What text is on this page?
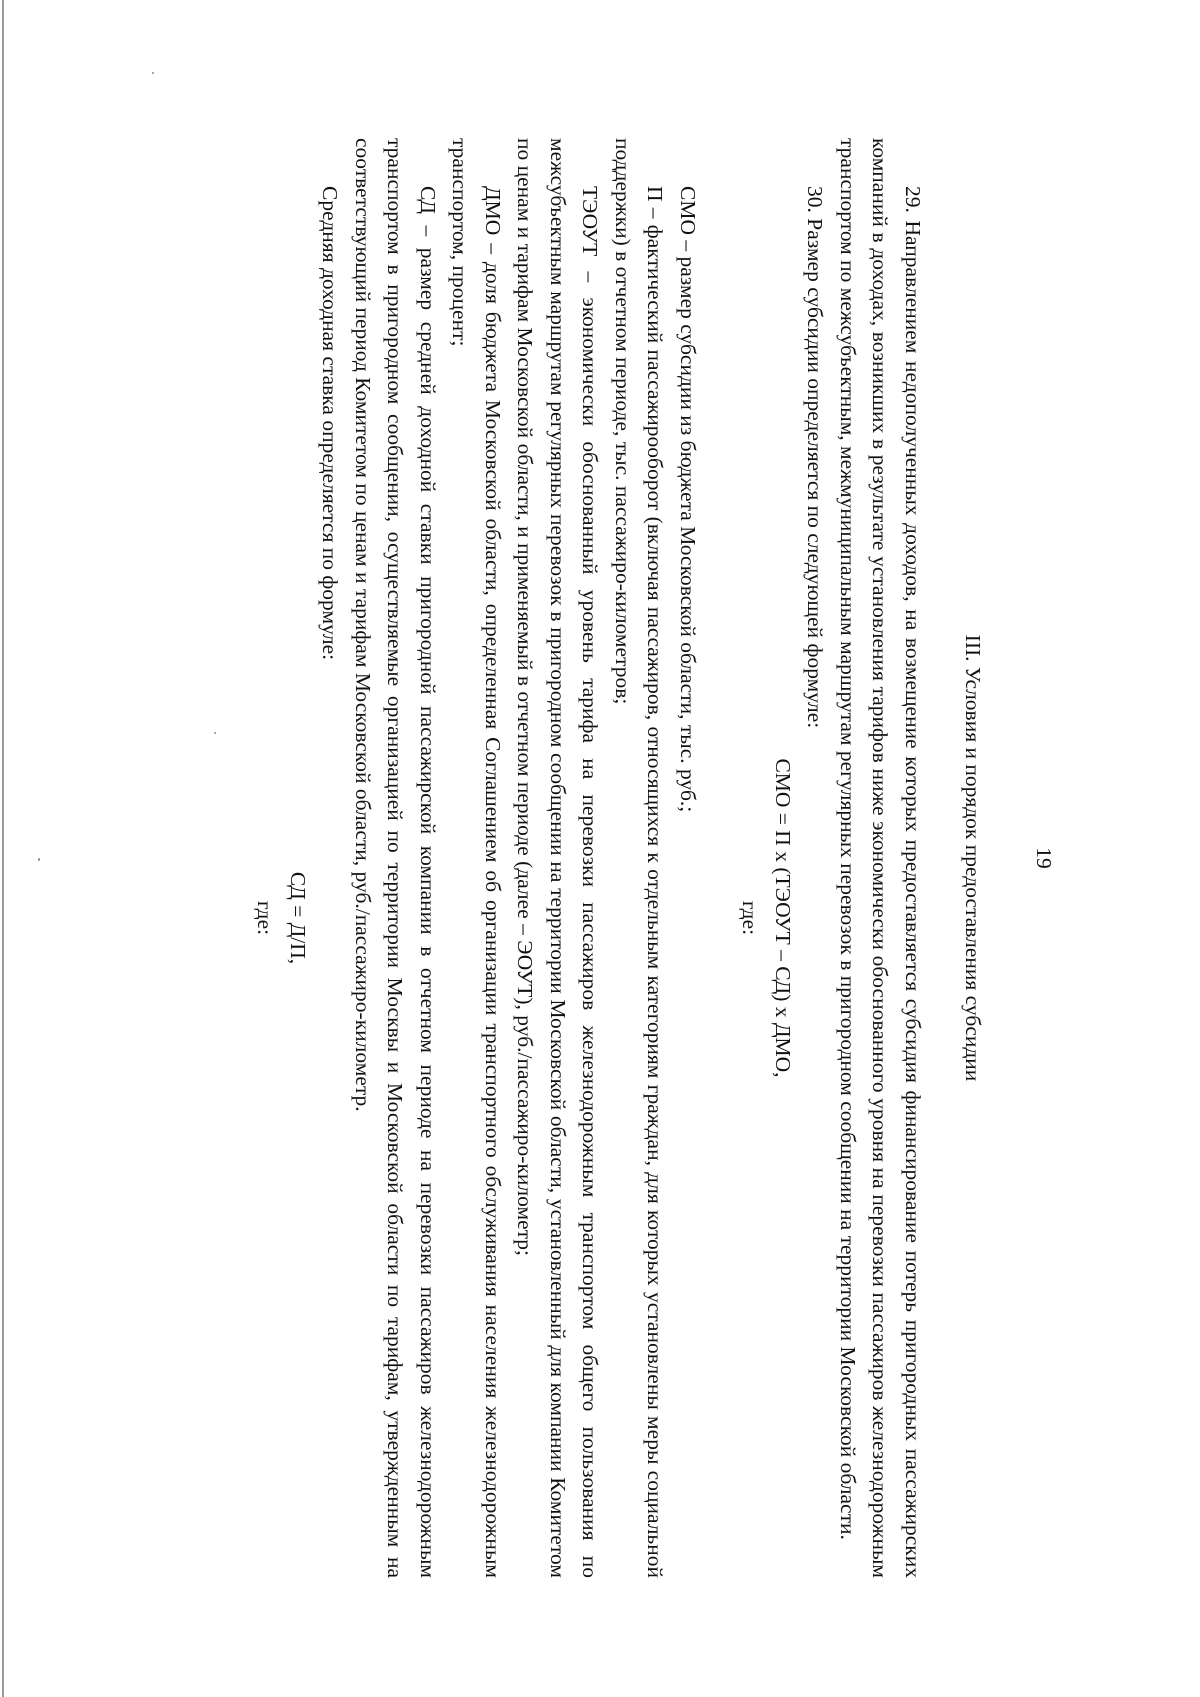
19
III. Условия и порядок предоставления субсидии

29. Направлением недополученных доходов, на возмещение которых предоставляется субсидия финансирование потерь пригородных пассажирских компаний в доходах, возникших в результате установления тарифов ниже экономически обоснованного уровня на перевозки пассажиров железнодорожным транспортом по межсубъектным, межмуниципальным маршрутам регулярных перевозок в пригородном сообщении на территории Московской области.

30. Размер субсидии определяется по следующей формуле:

СМО = П х (ТЭОУТ – СД) х ДМО,

где:

СМО – размер субсидии из бюджета Московской области, тыс. руб.;

П – фактический пассажирооборот (включая пассажиров, относящихся к отдельным категориям граждан, для которых установлены меры социальной поддержки) в отчетном периоде, тыс. пассажиро-километров;

ТЭОУТ – экономически обоснованный уровень тарифа на перевозки пассажиров железнодорожным транспортом общего пользования по межсубъектным маршрутам регулярных перевозок в пригородном сообщении на территории Московской области, установленный для компании Комитетом по ценам и тарифам Московской области, и применяемый в отчетном периоде (далее – ЭОУТ), руб./пассажиро-километр;

ДМО – доля бюджета Московской области, определенная Соглашением об организации транспортного обслуживания населения железнодорожным транспортом, процент;

СД – размер средней доходной ставки пригородной пассажирской компании в отчетном периоде на перевозки пассажиров железнодорожным транспортом в пригородном сообщении, осуществляемые организацией по территории Москвы и Московской области по тарифам, утвержденным на соответствующий период Комитетом по ценам и тарифам Московской области, руб./пассажиро-километр.

Средняя доходная ставка определяется по формуле:

СД = Д/П,

где:
